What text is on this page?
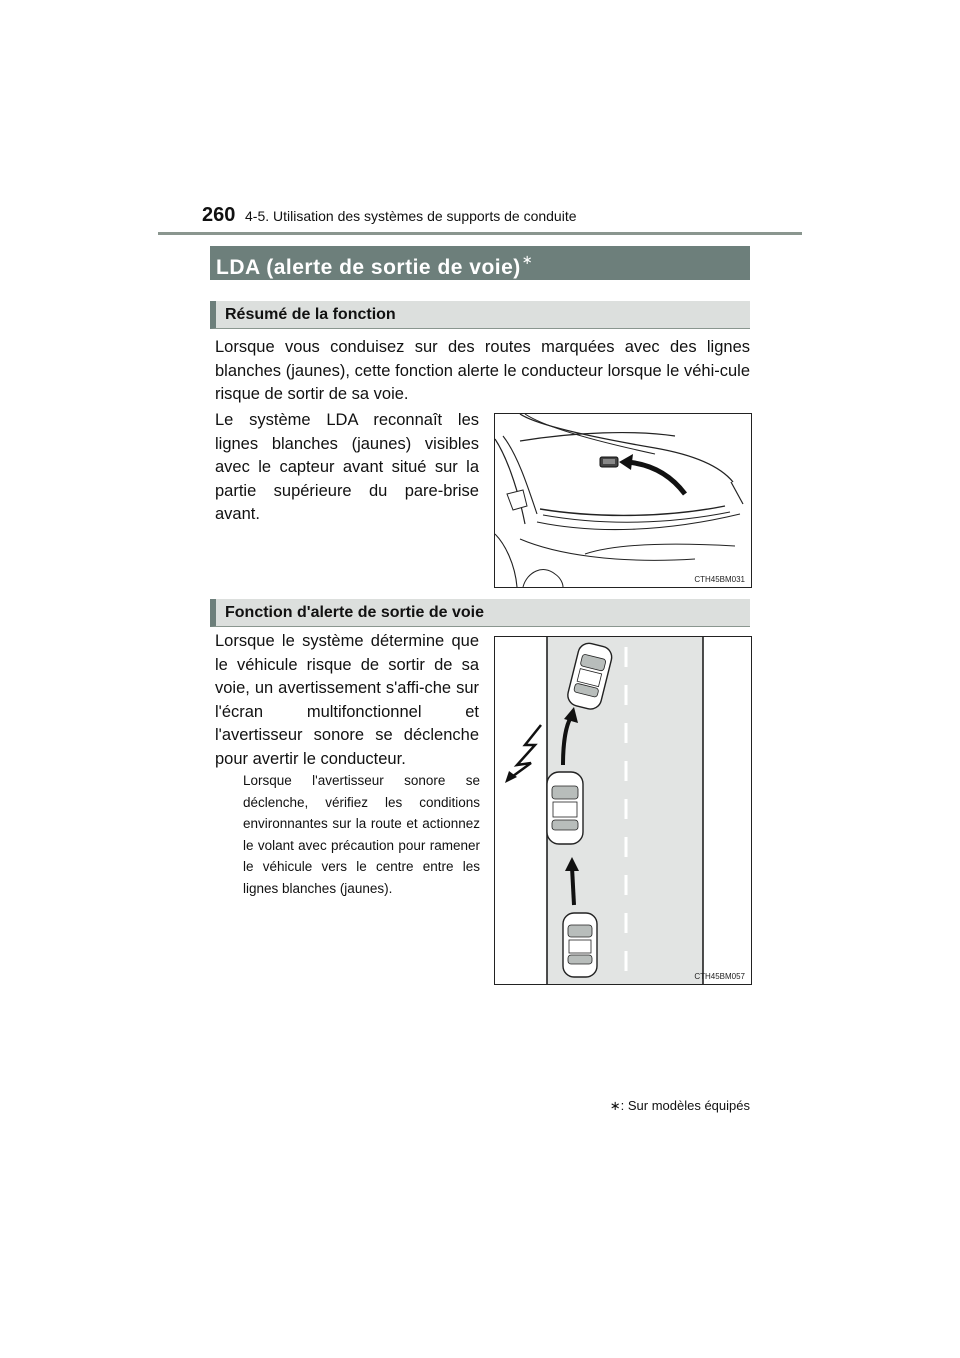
260 4-5. Utilisation des systèmes de supports de conduite
LDA (alerte de sortie de voie)∗
Résumé de la fonction
Lorsque vous conduisez sur des routes marquées avec des lignes blanches (jaunes), cette fonction alerte le conducteur lorsque le véhi-cule risque de sortir de sa voie.
Le système LDA reconnaît les lignes blanches (jaunes) visibles avec le capteur avant situé sur la partie supérieure du pare-brise avant.
CTH45BM031
Fonction d'alerte de sortie de voie
Lorsque le système détermine que le véhicule risque de sortir de sa voie, un avertissement s'affi-che sur l'écran multifonctionnel et l'avertisseur sonore se déclenche pour avertir le conducteur.
Lorsque l'avertisseur sonore se déclenche, vérifiez les conditions environnantes sur la route et actionnez le volant avec précaution pour ramener le véhicule vers le centre entre les lignes blanches (jaunes).
CTH45BM057
∗: Sur modèles équipés
